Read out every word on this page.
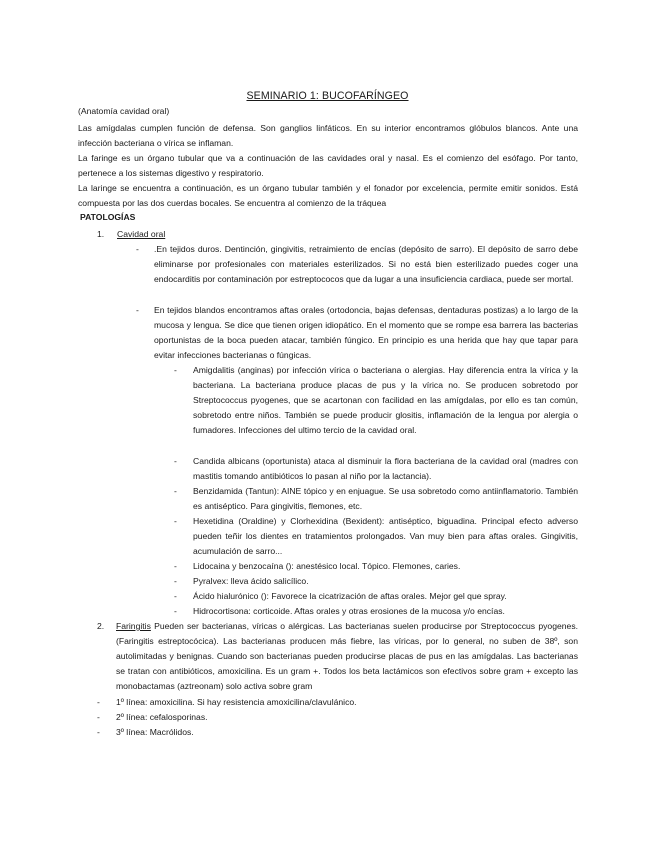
SEMINARIO 1: BUCOFARÍNGEO
(Anatomía cavidad oral)
Las amígdalas cumplen función de defensa. Son ganglios linfáticos. En su interior encontramos glóbulos blancos. Ante una infección bacteriana o vírica se inflaman.
La faringe es un órgano tubular que va a continuación de las cavidades oral y nasal. Es el comienzo del esófago. Por tanto, pertenece a los sistemas digestivo y respiratorio.
La laringe se encuentra a continuación, es un órgano tubular también y el fonador por excelencia, permite emitir sonidos. Está compuesta por las dos cuerdas bocales. Se encuentra al comienzo de la tráquea
PATOLOGÍAS
1. Cavidad oral
- .En tejidos duros. Dentinción, gingivitis, retraimiento de encías (depósito de sarro). El depósito de sarro debe eliminarse por profesionales con materiales esterilizados. Si no está bien esterilizado puedes coger una endocarditis por contaminación por estreptococos que da lugar a una insuficiencia cardiaca, puede ser mortal.
- En tejidos blandos encontramos aftas orales (ortodoncia, bajas defensas, dentaduras postizas) a lo largo de la mucosa y lengua. Se dice que tienen origen idiopático. En el momento que se rompe esa barrera las bacterias oportunistas de la boca pueden atacar, también fúngico. En principio es una herida que hay que tapar para evitar infecciones bacterianas o fúngicas.
- Amigdalitis (anginas) por infección vírica o bacteriana o alergias. Hay diferencia entra la vírica y la bacteriana. La bacteriana produce placas de pus y la vírica no. Se producen sobretodo por Streptococcus pyogenes, que se acartonan con facilidad en las amígdalas, por ello es tan común, sobretodo entre niños. También se puede producir glositis, inflamación de la lengua por alergia o fumadores. Infecciones del ultimo tercio de la cavidad oral.
- Candida albicans (oportunista) ataca al disminuir la flora bacteriana de la cavidad oral (madres con mastitis tomando antibióticos lo pasan al niño por la lactancia).
- Benzidamida (Tantun): AINE tópico y en enjuague. Se usa sobretodo como antiinflamatorio. También es antiséptico. Para gingivitis, flemones, etc.
- Hexetidina (Oraldine) y Clorhexidina (Bexident): antiséptico, biguadina. Principal efecto adverso pueden teñir los dientes en tratamientos prolongados. Van muy bien para aftas orales. Gingivitis, acumulación de sarro...
- Lidocaina y benzocaína (): anestésico local. Tópico. Flemones, caries.
- Pyralvex: lleva ácido salicílico.
- Ácido hialurónico (): Favorece la cicatrización de aftas orales. Mejor gel que spray.
- Hidrocortisona: corticoide. Aftas orales y otras erosiones de la mucosa y/o encías.
2. Faringitis Pueden ser bacterianas, víricas o alérgicas. Las bacterianas suelen producirse por Streptococcus pyogenes. (Faringitis estreptocócica). Las bacterianas producen más fiebre, las víricas, por lo general, no suben de 38º, son autolimitadas y benignas. Cuando son bacterianas pueden producirse placas de pus en las amígdalas. Las bacterianas se tratan con antibióticos, amoxicilina. Es un gram +. Todos los beta lactámicos son efectivos sobre gram + excepto las monobactamas (aztreonam) solo activa sobre gram
- 1º línea: amoxicilina. Si hay resistencia amoxicilina/clavulánico.
- 2º línea: cefalosporinas.
- 3º línea: Macrólidos.
